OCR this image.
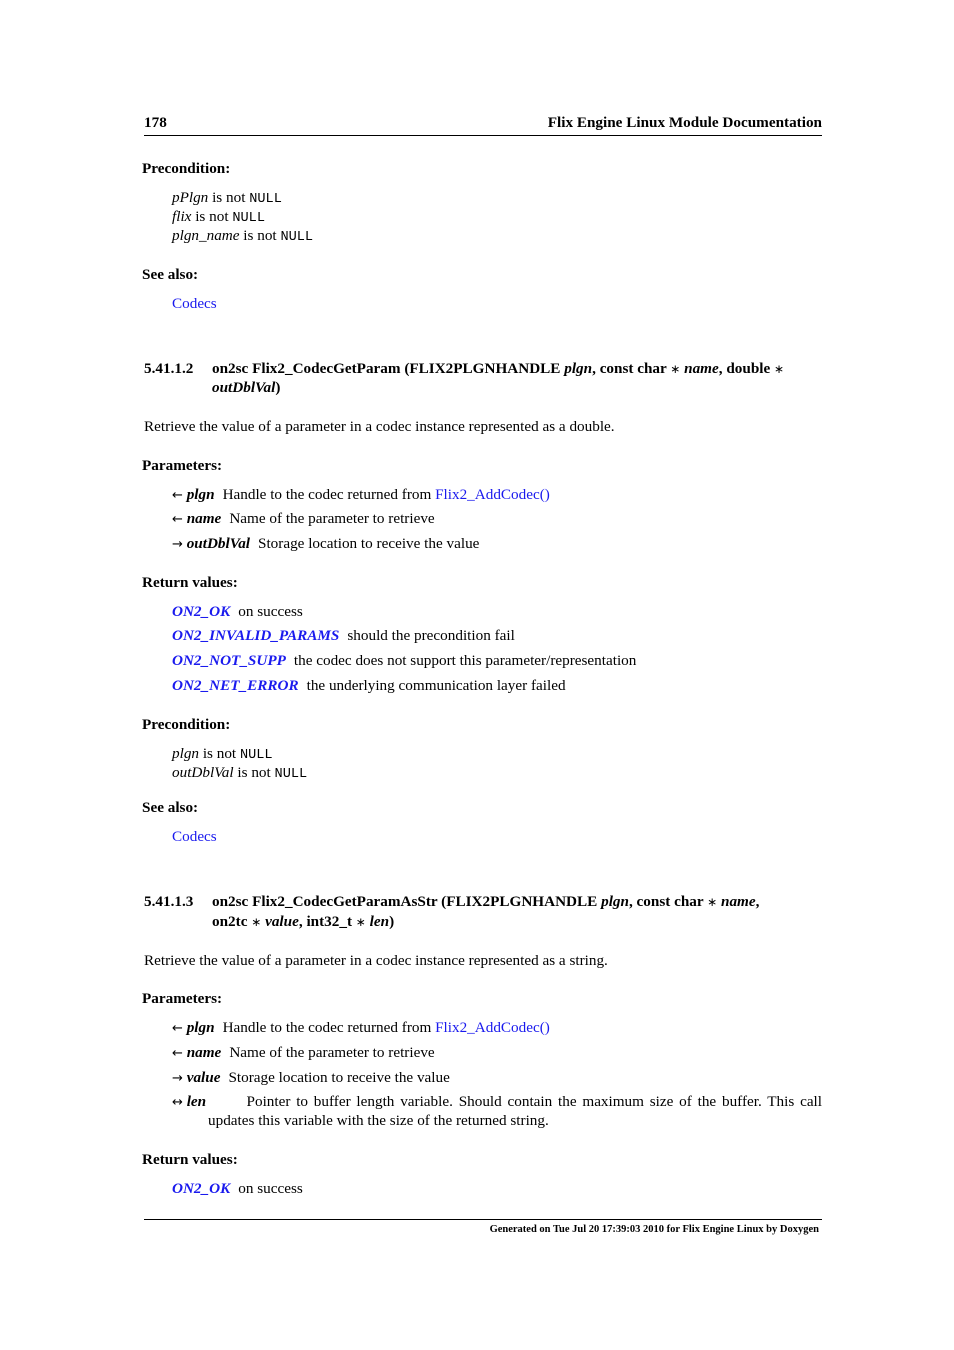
178	Flix Engine Linux Module Documentation
Precondition:
pPlgn is not NULL
flix is not NULL
plgn_name is not NULL
See also:
Codecs
5.41.1.2 on2sc Flix2_CodecGetParam (FLIX2PLGNHANDLE plgn, const char ∗ name, double ∗
outDblVal)
Retrieve the value of a parameter in a codec instance represented as a double.
Parameters:
← plgn Handle to the codec returned from Flix2_AddCodec()
← name Name of the parameter to retrieve
→ outDblVal Storage location to receive the value
Return values:
ON2_OK on success
ON2_INVALID_PARAMS should the precondition fail
ON2_NOT_SUPP the codec does not support this parameter/representation
ON2_NET_ERROR the underlying communication layer failed
Precondition:
plgn is not NULL
outDblVal is not NULL
See also:
Codecs
5.41.1.3 on2sc Flix2_CodecGetParamAsStr (FLIX2PLGNHANDLE plgn, const char ∗ name,
on2tc ∗ value, int32_t ∗ len)
Retrieve the value of a parameter in a codec instance represented as a string.
Parameters:
← plgn Handle to the codec returned from Flix2_AddCodec()
← name Name of the parameter to retrieve
→ value Storage location to receive the value
↔ len	Pointer to buffer length variable. Should contain the maximum size of the buffer. This call
updates this variable with the size of the returned string.
Return values:
ON2_OK on success
Generated on Tue Jul 20 17:39:03 2010 for Flix Engine Linux by Doxygen
